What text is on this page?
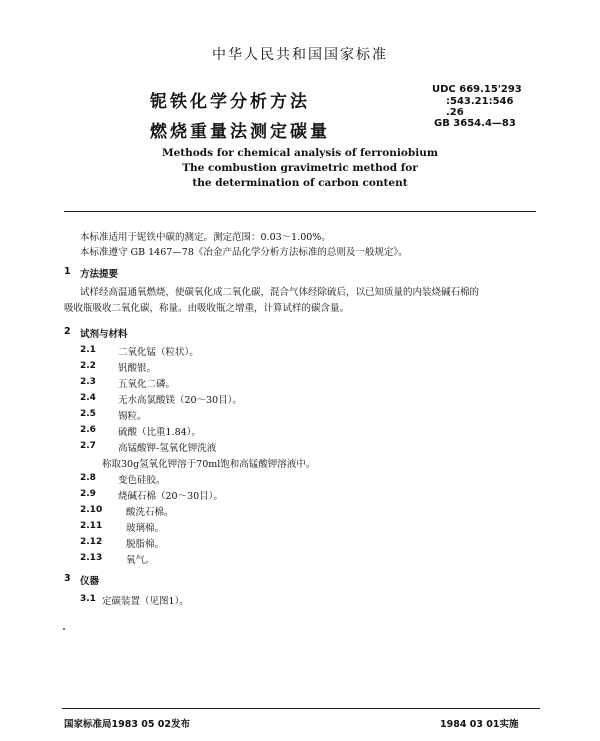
中华人民共和国国家标准
铌铁化学分析方法
燃烧重量法测定碳量
UDC 669.15'293
:543.21:546
.26
GB 3654.4—83
Methods for chemical analysis of ferroniobium
The combustion gravimetric method for
the determination of carbon content
本标准适用于铌铁中碳的测定。测定范围：0.03～1.00%。
本标准遵守 GB 1467—78《冶金产品化学分析方法标准的总则及一般规定》。
1 方法提要
试样经高温通氧燃烧，使碳氧化成二氧化碳，混合气体经除硫后，以已知质量的内装烧碱石棉的
吸收瓶吸收二氧化碳，称量。由吸收瓶之增重，计算试样的碳含量。
2 试剂与材料
2.1 二氧化锰（粒状）。
2.2 钒酸银。
2.3 五氧化二磷。
2.4 无水高氯酸镁（20～30目）。
2.5 锡粒。
2.6 硫酸（比重1.84）。
2.7 高锰酸钾-氢氧化钾洗液
称取30g氢氧化钾溶于70ml饱和高锰酸钾溶液中。
2.8 变色硅胶。
2.9 烧碱石棉（20～30目）。
2.10	酸洗石棉。
2.11	玻璃棉。
2.12	脱脂棉。
2.13	氧气。
3 仪器
3.1 定碳装置（见图1）。
国家标准局1983 05 02发布	1984 03 01实施
